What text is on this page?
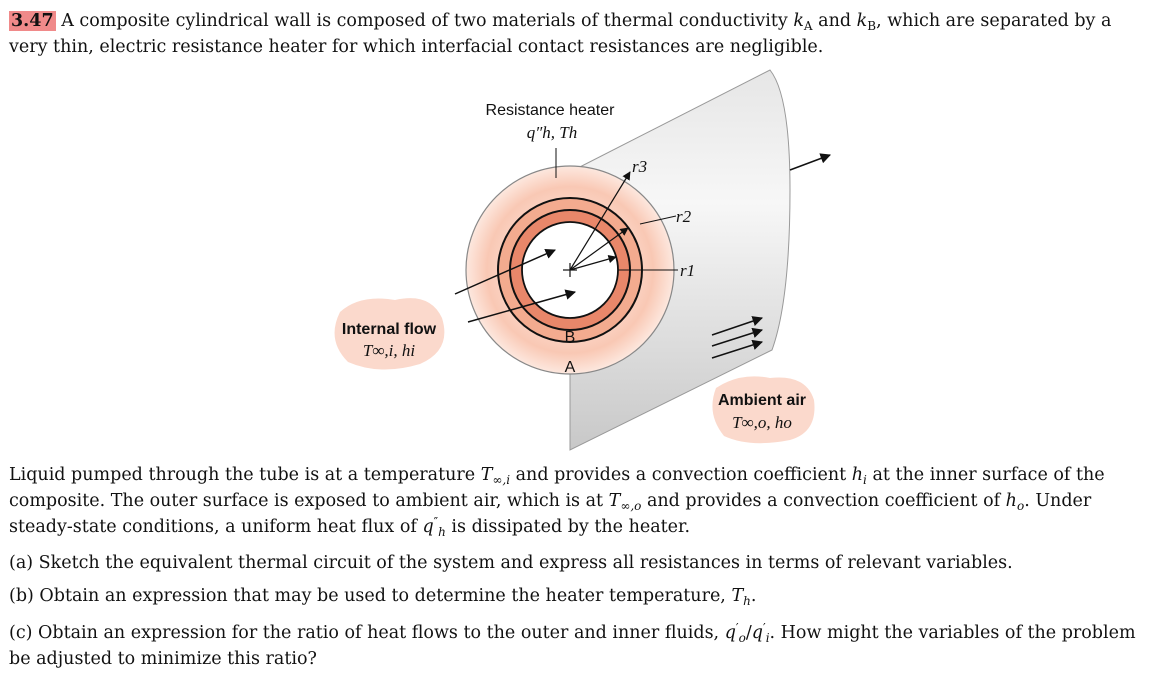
3.47 A composite cylindrical wall is composed of two materials of thermal conductivity $k_A$ and $k_B$, which are separated by a very thin, electric resistance heater for which interfacial contact resistances are negligible.
Resistance heater
q″h, Th
r3
r2
r1
B
A
Internal flow
T∞,i, hi
Ambient air
T∞,o, ho
Liquid pumped through the tube is at a temperature $T_{\infty,i}$ and provides a convection coefficient $h_i$ at the inner surface of the composite. The outer surface is exposed to ambient air, which is at $T_{\infty,o}$ and provides a convection coefficient of $h_o$. Under steady-state conditions, a uniform heat flux of $q''_h$ is dissipated by the heater.
(a) Sketch the equivalent thermal circuit of the system and express all resistances in terms of relevant variables.
(b) Obtain an expression that may be used to determine the heater temperature, $T_h$.
(c) Obtain an expression for the ratio of heat flows to the outer and inner fluids, $q'_o/q'_i$. How might the variables of the problem be adjusted to minimize this ratio?
